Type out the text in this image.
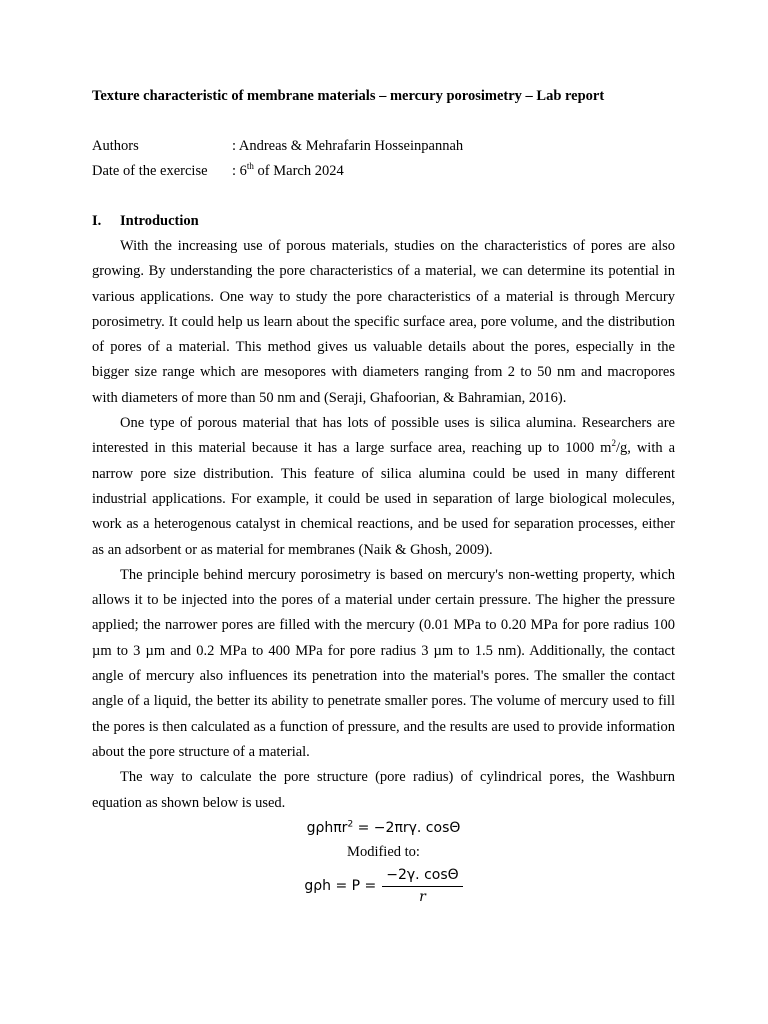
Texture characteristic of membrane materials – mercury porosimetry – Lab report

Authors	: Andreas & Mehrafarin Hosseinpannah
Date of the exercise	: 6th of March 2024
I.	Introduction

With the increasing use of porous materials, studies on the characteristics of pores are also growing. By understanding the pore characteristics of a material, we can determine its potential in various applications. One way to study the pore characteristics of a material is through Mercury porosimetry. It could help us learn about the specific surface area, pore volume, and the distribution of pores of a material. This method gives us valuable details about the pores, especially in the bigger size range which are mesopores with diameters ranging from 2 to 50 nm and macropores with diameters of more than 50 nm and (Seraji, Ghafoorian, & Bahramian, 2016).

One type of porous material that has lots of possible uses is silica alumina. Researchers are interested in this material because it has a large surface area, reaching up to 1000 $m^2/g$, with a narrow pore size distribution. This feature of silica alumina could be used in many different industrial applications. For example, it could be used in separation of large biological molecules, work as a heterogenous catalyst in chemical reactions, and be used for separation processes, either as an adsorbent or as material for membranes (Naik & Ghosh, 2009).

The principle behind mercury porosimetry is based on mercury's non-wetting property, which allows it to be injected into the pores of a material under certain pressure. The higher the pressure applied; the narrower pores are filled with the mercury (0.01 MPa to 0.20 MPa for pore radius 100 µm to 3 µm and 0.2 MPa to 400 MPa for pore radius 3 µm to 1.5 nm). Additionally, the contact angle of mercury also influences its penetration into the material's pores. The smaller the contact angle of a liquid, the better its ability to penetrate smaller pores. The volume of mercury used to fill the pores is then calculated as a function of pressure, and the results are used to provide information about the pore structure of a material.

The way to calculate the pore structure (pore radius) of cylindrical pores, the Washburn equation as shown below is used.

gρhπr$^2$ = −2πrγ. cosΘ
Modified to:
$g\rho h = P = \frac{-2\gamma. \cos\Theta}{r}$
